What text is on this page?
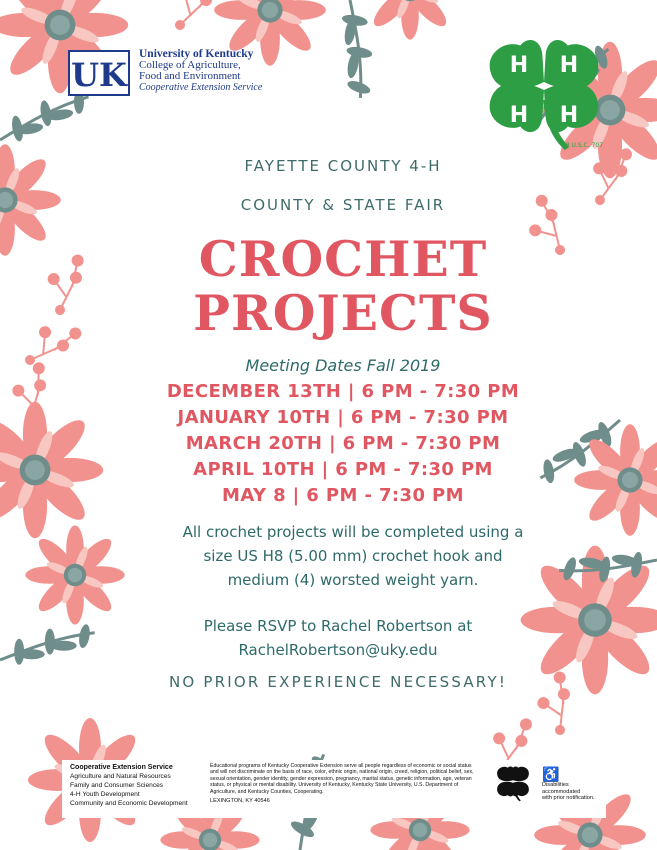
UK
University of Kentucky
College of Agriculture,
Food and Environment
Cooperative Extension Service
H H
H H
18 U.S.C. 707
FAYETTE COUNTY 4-H
COUNTY & STATE FAIR
CROCHET
PROJECTS
Meeting Dates Fall 2019
DECEMBER 13TH | 6 PM - 7:30 PM
JANUARY 10TH | 6 PM - 7:30 PM
MARCH 20TH | 6 PM - 7:30 PM
APRIL 10TH | 6 PM - 7:30 PM
MAY 8 | 6 PM - 7:30 PM
All crochet projects will be completed using a
size US H8 (5.00 mm) crochet hook and
medium (4) worsted weight yarn.
Please RSVP to Rachel Robertson at
RachelRobertson@uky.edu
NO PRIOR EXPERIENCE NECESSARY!
Cooperative Extension Service
Agriculture and Natural Resources
Family and Consumer Sciences
4-H Youth Development
Community and Economic Development
Educational programs of Kentucky Cooperative Extension serve all people regardless of economic or social status and will not discriminate on the basis of race, color, ethnic origin, national origin, creed, religion, political belief, sex, sexual orientation, gender identity, gender expression, pregnancy, marital status, genetic information, age, veteran status, or physical or mental disability. University of Kentucky, Kentucky State University, U.S. Department of Agriculture, and Kentucky Counties, Cooperating.
LEXINGTON, KY 40546
♿
Disabilities
accommodated
with prior notification.
